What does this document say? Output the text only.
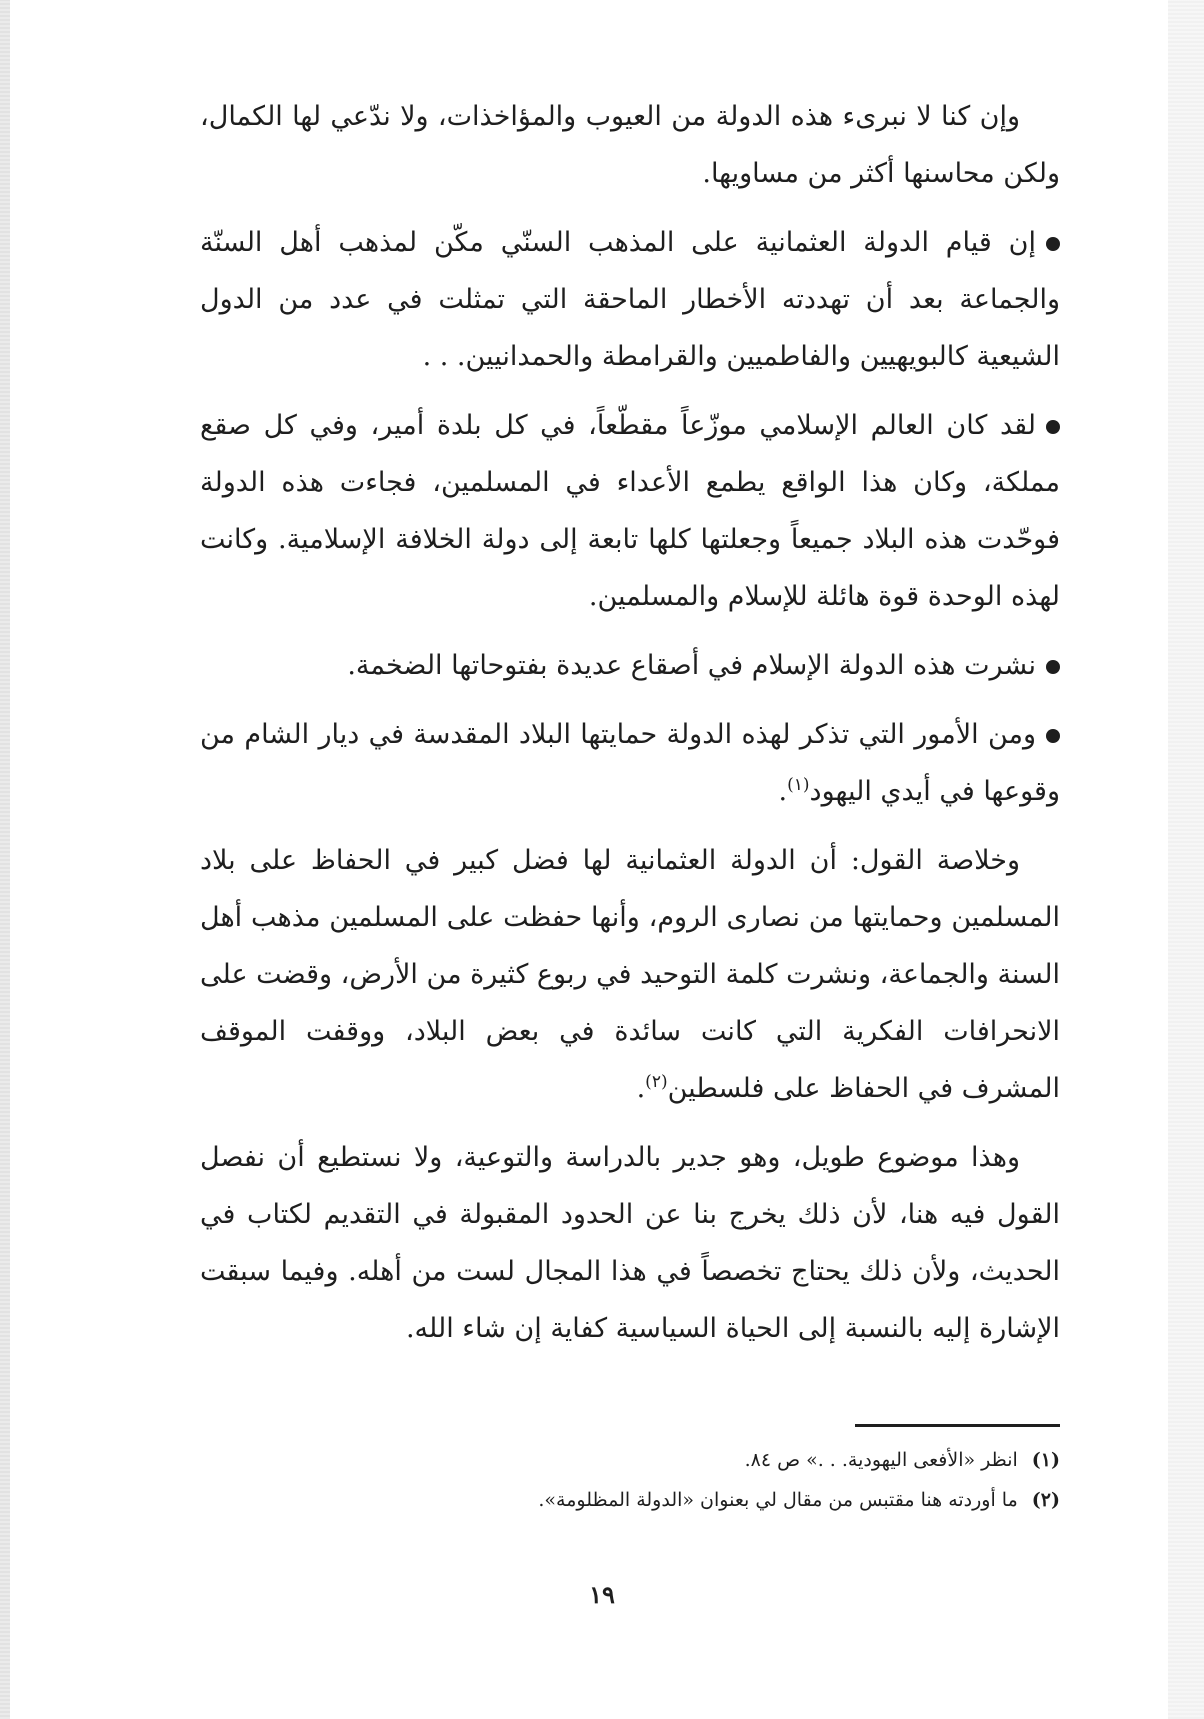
وإن كنا لا نبرىء هذه الدولة من العيوب والمؤاخذات، ولا ندّعي لها الكمال، ولكن محاسنها أكثر من مساويها.

إن قيام الدولة العثمانية على المذهب السنّي مكّن لمذهب أهل السنّة والجماعة بعد أن تهددته الأخطار الماحقة التي تمثلت في عدد من الدول الشيعية كالبويهيين والفاطميين والقرامطة والحمدانيين. . .

لقد كان العالم الإسلامي موزّعاً مقطّعاً، في كل بلدة أمير، وفي كل صقع مملكة، وكان هذا الواقع يطمع الأعداء في المسلمين، فجاءت هذه الدولة فوحّدت هذه البلاد جميعاً وجعلتها كلها تابعة إلى دولة الخلافة الإسلامية. وكانت لهذه الوحدة قوة هائلة للإسلام والمسلمين.

نشرت هذه الدولة الإسلام في أصقاع عديدة بفتوحاتها الضخمة.

ومن الأمور التي تذكر لهذه الدولة حمايتها البلاد المقدسة في ديار الشام من وقوعها في أيدي اليهود$^{(١)}$.

وخلاصة القول: أن الدولة العثمانية لها فضل كبير في الحفاظ على بلاد المسلمين وحمايتها من نصارى الروم، وأنها حفظت على المسلمين مذهب أهل السنة والجماعة، ونشرت كلمة التوحيد في ربوع كثيرة من الأرض، وقضت على الانحرافات الفكرية التي كانت سائدة في بعض البلاد، ووقفت الموقف المشرف في الحفاظ على فلسطين$^{(٢)}$.

وهذا موضوع طويل، وهو جدير بالدراسة والتوعية، ولا نستطيع أن نفصل القول فيه هنا، لأن ذلك يخرج بنا عن الحدود المقبولة في التقديم لكتاب في الحديث، ولأن ذلك يحتاج تخصصاً في هذا المجال لست من أهله. وفيما سبقت الإشارة إليه بالنسبة إلى الحياة السياسية كفاية إن شاء الله.

(١)انظر «الأفعى اليهودية. . .» ص ٨٤.
(٢)ما أوردته هنا مقتبس من مقال لي بعنوان «الدولة المظلومة».
١٩
